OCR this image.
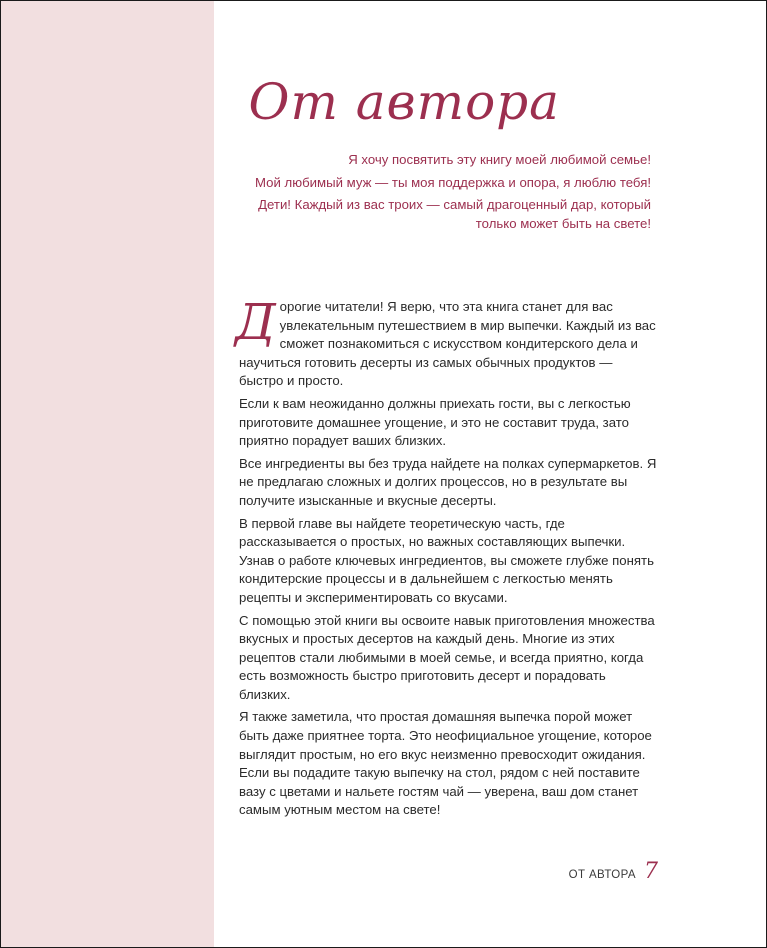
От автора

Я хочу посвятить эту книгу моей любимой семье!

Мой любимый муж — ты моя поддержка и опора, я люблю тебя!

Дети! Каждый из вас троих — самый драгоценный дар, который только может быть на свете!

Дорогие читатели! Я верю, что эта книга станет для вас увлекательным путешествием в мир выпечки. Каждый из вас сможет познакомиться с искусством кондитерского дела и научиться готовить десерты из самых обычных продуктов — быстро и просто.

Если к вам неожиданно должны приехать гости, вы с легкостью приготовите домашнее угощение, и это не составит труда, зато приятно порадует ваших близких.

Все ингредиенты вы без труда найдете на полках супермаркетов. Я не предлагаю сложных и долгих процессов, но в результате вы получите изысканные и вкусные десерты.

В первой главе вы найдете теоретическую часть, где рассказывается о простых, но важных составляющих выпечки. Узнав о работе ключевых ингредиентов, вы сможете глубже понять кондитерские процессы и в дальнейшем с легкостью менять рецепты и экспериментировать со вкусами.

С помощью этой книги вы освоите навык приготовления множества вкусных и простых десертов на каждый день. Многие из этих рецептов стали любимыми в моей семье, и всегда приятно, когда есть возможность быстро приготовить десерт и порадовать близких.

Я также заметила, что простая домашняя выпечка порой может быть даже приятнее торта. Это неофициальное угощение, которое выглядит простым, но его вкус неизменно превосходит ожидания. Если вы подадите такую выпечку на стол, рядом с ней поставите вазу с цветами и нальете гостям чай — уверена, ваш дом станет самым уютным местом на свете!

ОТ АВТОРА 7
